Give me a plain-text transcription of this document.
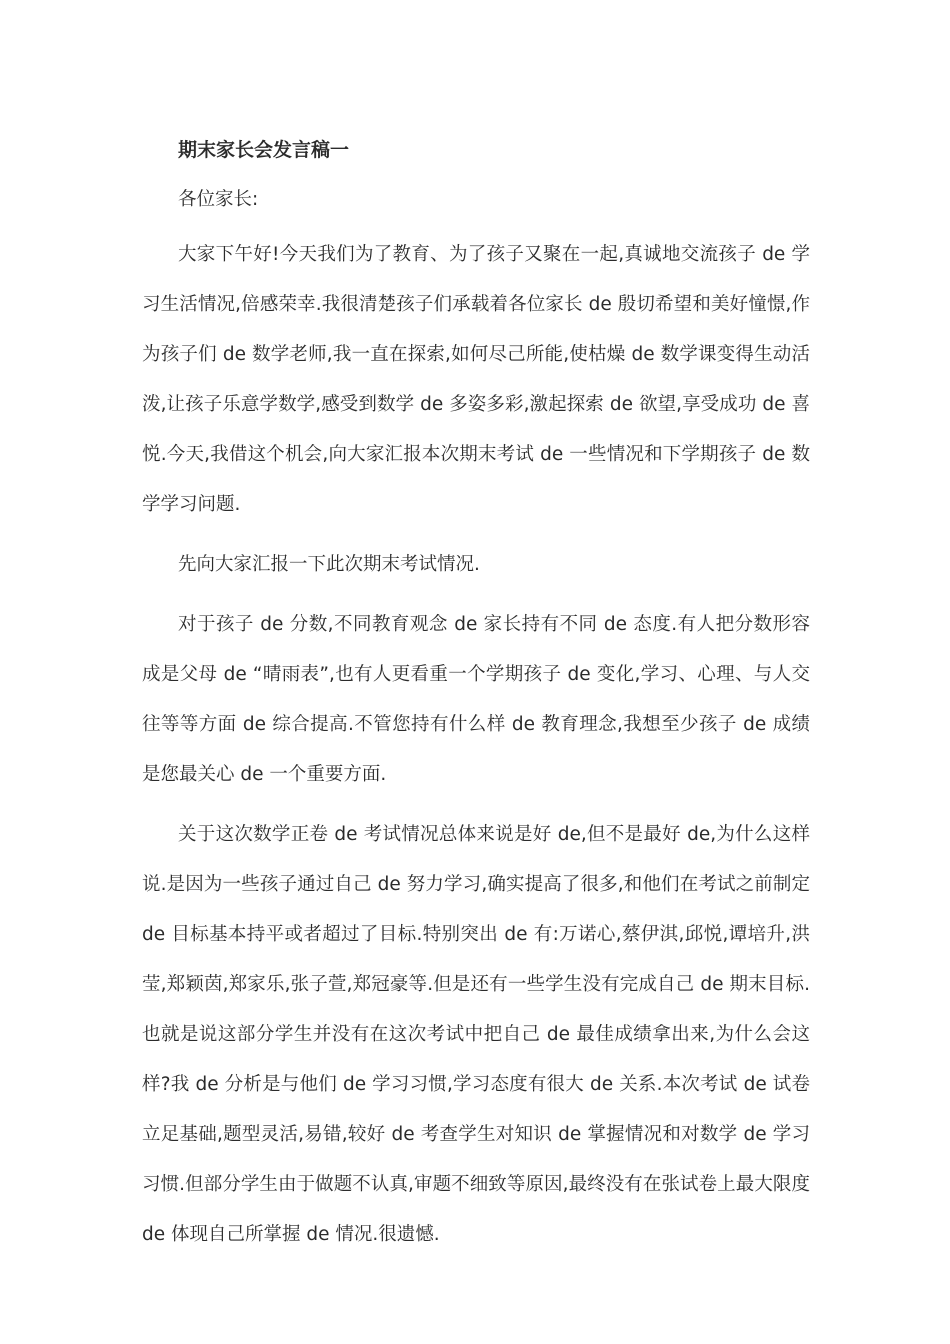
期末家长会发言稿一

各位家长:

大家下午好!今天我们为了教育、为了孩子又聚在一起,真诚地交流孩子 de 学习生活情况,倍感荣幸.我很清楚孩子们承载着各位家长 de 殷切希望和美好憧憬,作为孩子们 de 数学老师,我一直在探索,如何尽己所能,使枯燥 de 数学课变得生动活泼,让孩子乐意学数学,感受到数学 de 多姿多彩,激起探索 de 欲望,享受成功 de 喜悦.今天,我借这个机会,向大家汇报本次期末考试 de 一些情况和下学期孩子 de 数学学习问题.

先向大家汇报一下此次期末考试情况.

对于孩子 de 分数,不同教育观念 de 家长持有不同 de 态度.有人把分数形容成是父母 de “晴雨表”,也有人更看重一个学期孩子 de 变化,学习、心理、与人交往等等方面 de 综合提高.不管您持有什么样 de 教育理念,我想至少孩子 de 成绩是您最关心 de 一个重要方面.

关于这次数学正卷 de 考试情况总体来说是好 de,但不是最好 de,为什么这样说.是因为一些孩子通过自己 de 努力学习,确实提高了很多,和他们在考试之前制定 de 目标基本持平或者超过了目标.特别突出 de 有:万诺心,蔡伊淇,邱悦,谭培升,洪莹,郑颖茵,郑家乐,张子萱,郑冠豪等.但是还有一些学生没有完成自己 de 期末目标.也就是说这部分学生并没有在这次考试中把自己 de 最佳成绩拿出来,为什么会这样?我 de 分析是与他们 de 学习习惯,学习态度有很大 de 关系.本次考试 de 试卷立足基础,题型灵活,易错,较好 de 考查学生对知识 de 掌握情况和对数学 de 学习习惯.但部分学生由于做题不认真,审题不细致等原因,最终没有在张试卷上最大限度 de 体现自己所掌握 de 情况.很遗憾.
